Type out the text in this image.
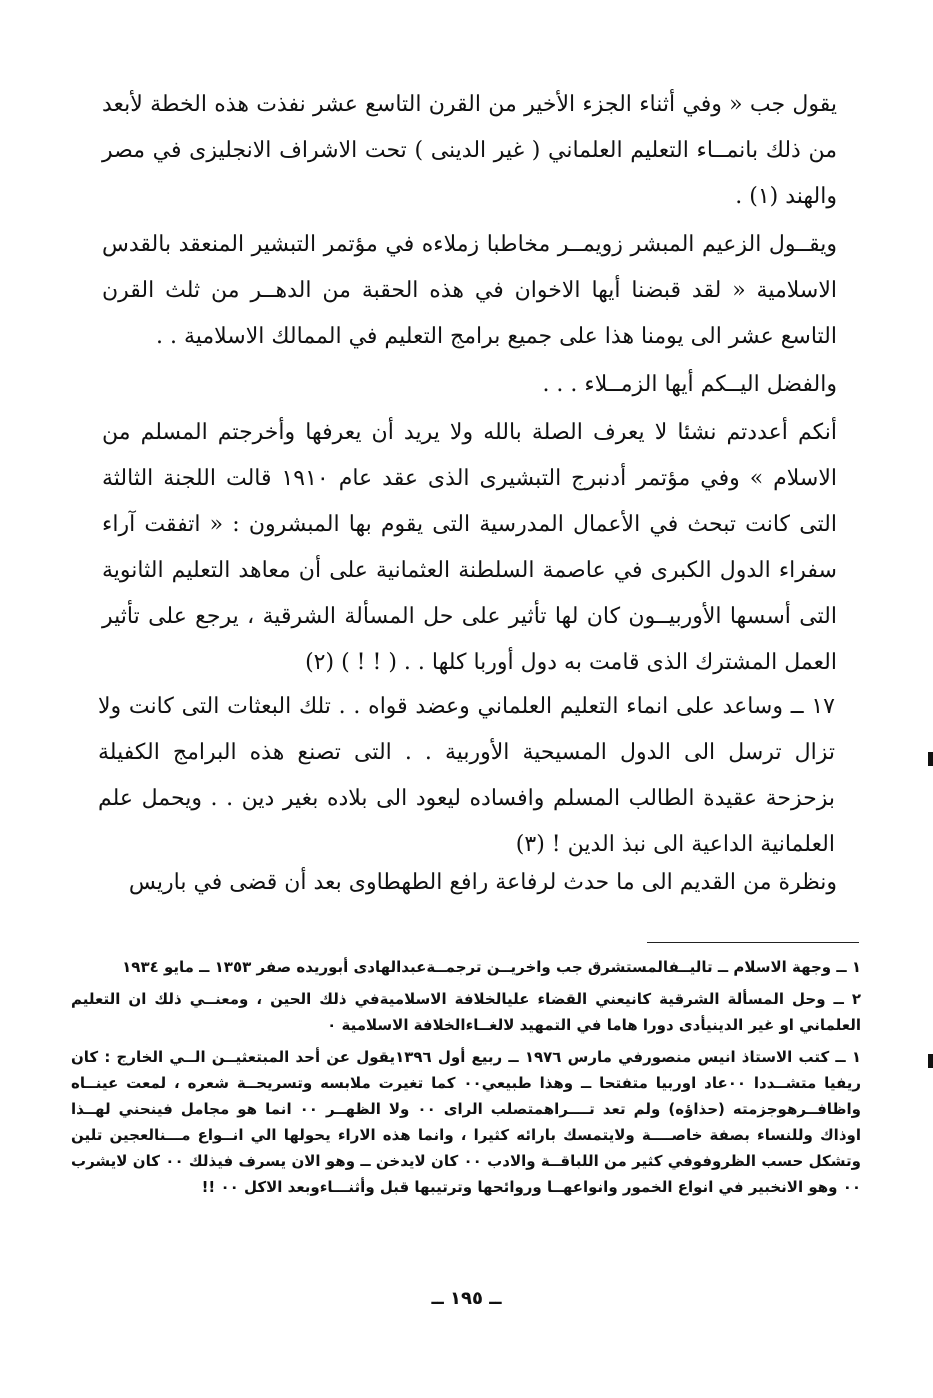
يقول جب « وفي أثناء الجزء الأخير من القرن التاسع عشر نفذت هذه الخطة لأبعد من ذلك بانمــاء التعليم العلماني ( غير الدينى ) تحت الاشراف الانجليزى في مصر والهند (١) .

ويقــول الزعيم المبشر زويمــر مخاطبا زملاءه في مؤتمر التبشير المنعقد بالقدس الاسلامية « لقد قبضنا أيها الاخوان في هذه الحقبة من الدهــر من ثلث القرن التاسع عشر الى يومنا هذا على جميع برامج التعليم في الممالك الاسلامية . .

والفضل اليــكم أيها الزمــلاء . . .

أنكم أعددتم نشئا لا يعرف الصلة بالله ولا يريد أن يعرفها وأخرجتم المسلم من الاسلام » وفي مؤتمر أدنبرج التبشيرى الذى عقد عام ١٩١٠ قالت اللجنة الثالثة التى كانت تبحث في الأعمال المدرسية التى يقوم بها المبشرون : « اتفقت آراء سفراء الدول الكبرى في عاصمة السلطنة العثمانية على أن معاهد التعليم الثانوية التى أسسها الأوربيــون كان لها تأثير على حل المسألة الشرقية ، يرجع على تأثير العمل المشترك الذى قامت به دول أوربا كلها . . ( ! ! ) (٢)

١٧ ــ وساعد على انماء التعليم العلماني وعضد قواه . . تلك البعثات التى كانت ولا تزال ترسل الى الدول المسيحية الأوربية . . التى تصنع هذه البرامج الكفيلة بزحزحة عقيدة الطالب المسلم وافساده ليعود الى بلاده بغير دين . . ويحمل علم العلمانية الداعية الى نبذ الدين ! (٣)

ونظرة من القديم الى ما حدث لرفاعة رافع الطهطاوى بعد أن قضى في باريس

١ ــ وجهة الاسلام ــ تاليــفالمستشرق جب واخريــن ترجمــةعبدالهادى أبوريده صفر ١٣٥٣ ــ مايو ١٩٣٤

٢ ــ وحل المسألة الشرقية كانيعني القضاء عليالخلافة الاسلاميةفي ذلك الحين ، ومعنــي ذلك ان التعليم العلماني او غير الدينيأدى دورا هاما في التمهيد لالغــاءالخلافة الاسلامية ٠

١ ــ كتب الاستاذ انيس منصورفي مارس ١٩٧٦ ــ ربيع أول ١٣٩٦يقول عن أحد المبتعثيــن الــي الخارج : كان ريفيا متشــددا ٠٠عاد اوربيا متفتحا ــ وهذا طبيعي٠٠ كما تغيرت ملابسه وتسريحــة شعره ، لمعت عينــاه واظافــرهوجزمته (حذاؤه) ولم تعد تــــراهمتصلب الراى ٠٠ ولا الظهــر ٠٠ انما هو مجامل فينحني لهــذا اوذاك وللنساء بصفة خاصــــة ولايتمسك بارائه كثيرا ، وانما هذه الاراء يحولها الي انــواع مـــنالعجين تلين وتشكل حسب الظروفوفي كثير من اللباقــة والادب ٠٠ كان لايدخن ــ وهو الان يسرف فيذلك ٠٠ كان لايشرب ٠٠ وهو الانخبير في انواع الخمور وانواعهــا وروائحها وترتيبها قبل وأثنـــاءوبعد الاكل ٠٠ !!

ــ ١٩٥ ــ
